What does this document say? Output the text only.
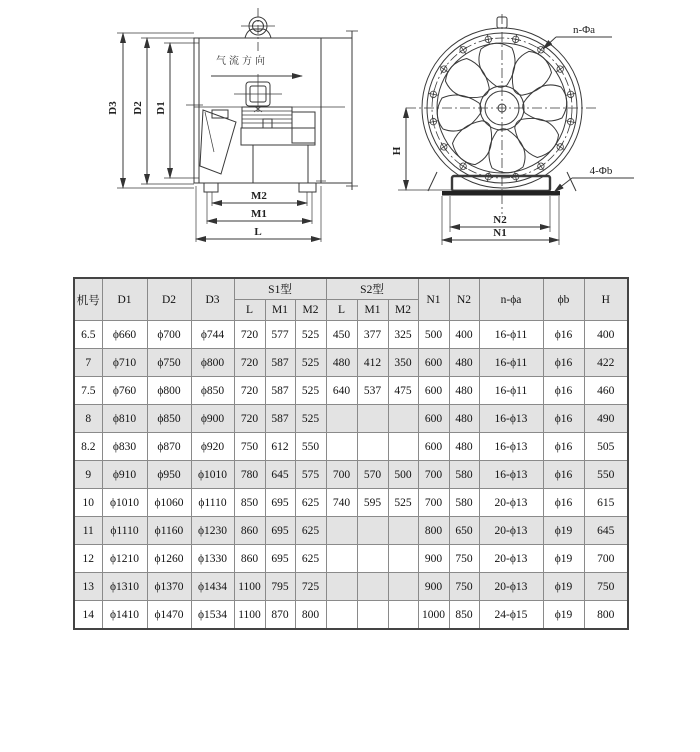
气流方向
D3 D2 D1
M2
M1
L
H
N2
N1
n-Φa
4-Φb
机号	D1	D2	D3	S1型			S2型			N1	N2	n-ϕa	ϕb	H
				L	M1	M2	L	M1	M2					
6.5	ϕ660	ϕ700	ϕ744	720	577	525	450	377	325	500	400	16-ϕ11	ϕ16	400
7	ϕ710	ϕ750	ϕ800	720	587	525	480	412	350	600	480	16-ϕ11	ϕ16	422
7.5	ϕ760	ϕ800	ϕ850	720	587	525	640	537	475	600	480	16-ϕ11	ϕ16	460
8	ϕ810	ϕ850	ϕ900	720	587	525				600	480	16-ϕ13	ϕ16	490
8.2	ϕ830	ϕ870	ϕ920	750	612	550				600	480	16-ϕ13	ϕ16	505
9	ϕ910	ϕ950	ϕ1010	780	645	575	700	570	500	700	580	16-ϕ13	ϕ16	550
10	ϕ1010	ϕ1060	ϕ1110	850	695	625	740	595	525	700	580	20-ϕ13	ϕ16	615
11	ϕ1110	ϕ1160	ϕ1230	860	695	625				800	650	20-ϕ13	ϕ19	645
12	ϕ1210	ϕ1260	ϕ1330	860	695	625				900	750	20-ϕ13	ϕ19	700
13	ϕ1310	ϕ1370	ϕ1434	1100	795	725				900	750	20-ϕ13	ϕ19	750
14	ϕ1410	ϕ1470	ϕ1534	1100	870	800				1000	850	24-ϕ15	ϕ19	800
